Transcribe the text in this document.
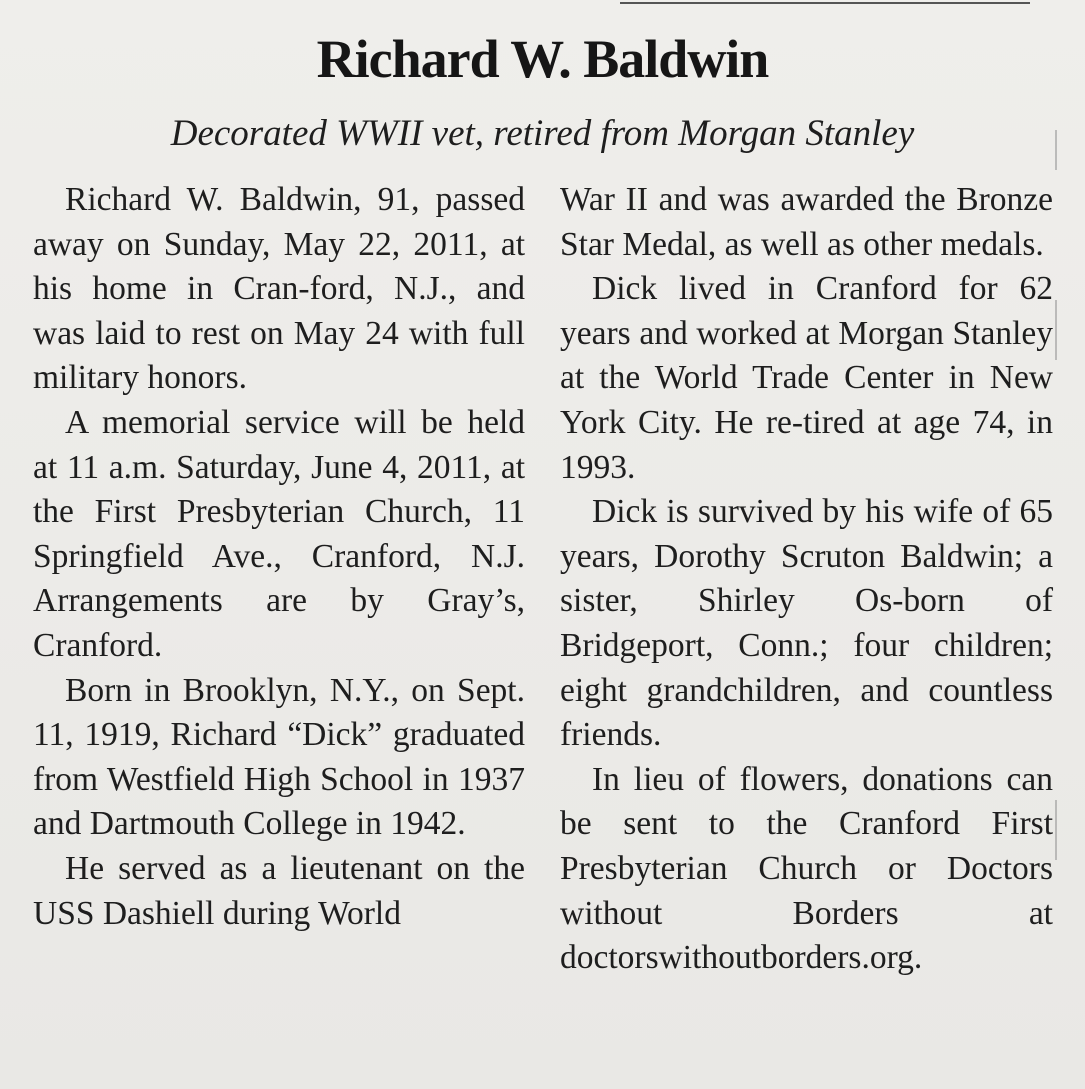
Richard W. Baldwin
Decorated WWII vet, retired from Morgan Stanley

Richard W. Baldwin, 91, passed away on Sunday, May 22, 2011, at his home in Cran-ford, N.J., and was laid to rest on May 24 with full military honors.

A memorial service will be held at 11 a.m. Saturday, June 4, 2011, at the First Presbyterian Church, 11 Springfield Ave., Cranford, N.J. Arrangements are by Gray’s, Cranford.

Born in Brooklyn, N.Y., on Sept. 11, 1919, Richard “Dick” graduated from Westfield High School in 1937 and Dartmouth College in 1942.

He served as a lieutenant on the USS Dashiell during World

War II and was awarded the Bronze Star Medal, as well as other medals.

Dick lived in Cranford for 62 years and worked at Morgan Stanley at the World Trade Center in New York City. He re-tired at age 74, in 1993.

Dick is survived by his wife of 65 years, Dorothy Scruton Baldwin; a sister, Shirley Os-born of Bridgeport, Conn.; four children; eight grandchildren, and countless friends.

In lieu of flowers, donations can be sent to the Cranford First Presbyterian Church or Doctors without Borders at doctorswithoutborders.org.
